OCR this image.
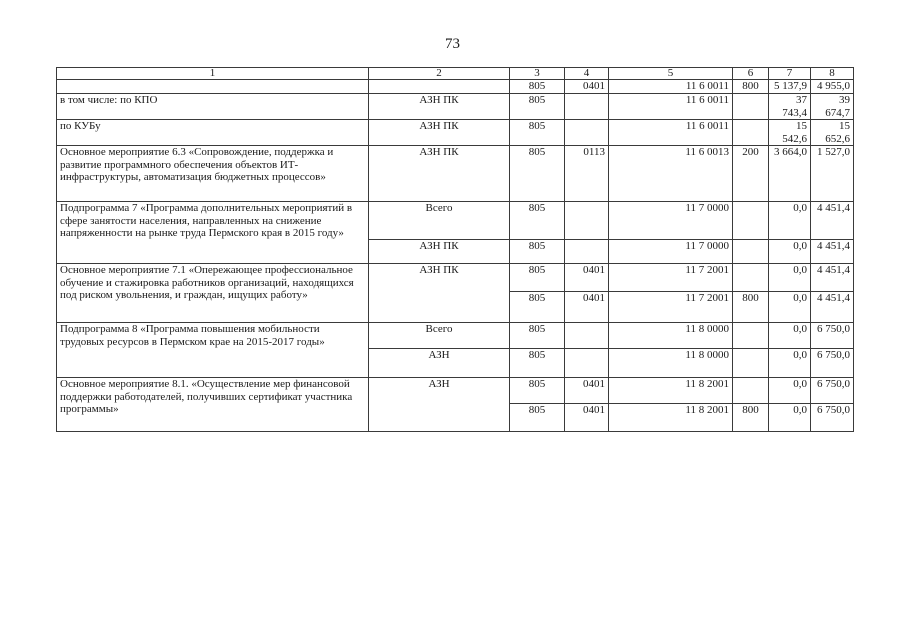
73
1	2	3	4	5	6	7	8
		805	0401	11 6 0011	800	5 137,9	4 955,0
в том числе: по КПО	АЗН ПК	805		11 6 0011		37 743,4	39 674,7
по КУБу	АЗН ПК	805		11 6 0011		15 542,6	15 652,6
Основное мероприятие 6.3 «Сопровождение, поддержка и развитие программного обеспечения объектов ИТ-инфраструктуры, автоматизация бюджетных процессов»	АЗН ПК	805	0113	11 6 0013	200	3 664,0	1 527,0
Подпрограмма 7 «Программа дополнительных мероприятий в сфере занятости населения, направленных на снижение напряженности на рынке труда Пермского края в 2015 году»	Всего	805		11 7 0000		0,0	4 451,4
	АЗН ПК	805		11 7 0000		0,0	4 451,4
Основное мероприятие 7.1 «Опережающее профессиональное обучение и стажировка работников организаций, находящихся под риском увольнения, и граждан, ищущих работу»	АЗН ПК	805	0401	11 7 2001		0,0	4 451,4
		805	0401	11 7 2001	800	0,0	4 451,4
Подпрограмма 8 «Программа повышения мобильности трудовых ресурсов в Пермском крае на 2015-2017 годы»	Всего	805		11 8 0000		0,0	6 750,0
	АЗН	805		11 8 0000		0,0	6 750,0
Основное мероприятие 8.1. «Осуществление мер финансовой поддержки работодателей, получивших сертификат участника программы»	АЗН	805	0401	11 8 2001		0,0	6 750,0
		805	0401	11 8 2001	800	0,0	6 750,0
